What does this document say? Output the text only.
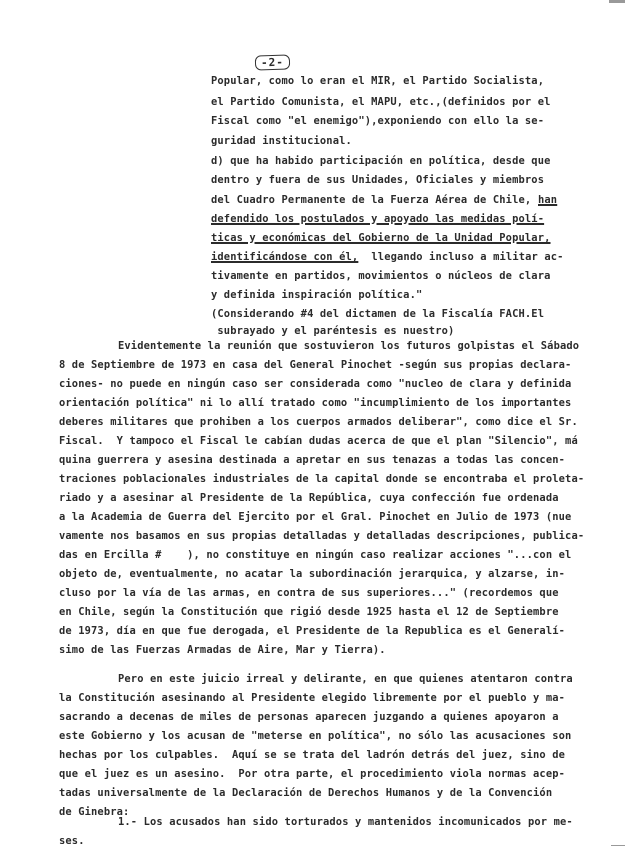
-2-
Popular, como lo eran el MIR, el Partido Socialista,
el Partido Comunista, el MAPU, etc.,(definidos por el
Fiscal como "el enemigo"),exponiendo con ello la se-
guridad institucional.
d) que ha habido participación en política, desde que
dentro y fuera de sus Unidades, Oficiales y miembros
del Cuadro Permanente de la Fuerza Aérea de Chile, han
defendido los postulados y apoyado las medidas polí-
ticas y económicas del Gobierno de la Unidad Popular,
identificándose con él, llegando incluso a militar ac-
tivamente en partidos, movimientos o núcleos de clara
y definida inspiración política."
(Considerando #4 del dictamen de la Fiscalía FACH.El
subrayado y el paréntesis es nuestro)
Evidentemente la reunión que sostuvieron los futuros golpistas el Sábado
8 de Septiembre de 1973 en casa del General Pinochet -según sus propias declara-
ciones- no puede en ningún caso ser considerada como "nucleo de clara y definida
orientación política" ni lo allí tratado como "incumplimiento de los importantes
deberes militares que prohiben a los cuerpos armados deliberar", como dice el Sr.
Fiscal.  Y tampoco el Fiscal le cabían dudas acerca de que el plan "Silencio", má
quina guerrera y asesina destinada a apretar en sus tenazas a todas las concen-
traciones poblacionales industriales de la capital donde se encontraba el proleta-
riado y a asesinar al Presidente de la República, cuya confección fue ordenada
a la Academia de Guerra del Ejercito por el Gral. Pinochet en Julio de 1973 (nue
vamente nos basamos en sus propias detalladas y detalladas descripciones, publica-
das en Ercilla #    ), no constituye en ningún caso realizar acciones "...con el
objeto de, eventualmente, no acatar la subordinación jerarquica, y alzarse, in-
cluso por la vía de las armas, en contra de sus superiores..." (recordemos que
en Chile, según la Constitución que rigió desde 1925 hasta el 12 de Septiembre
de 1973, día en que fue derogada, el Presidente de la Republica es el Generalí-
simo de las Fuerzas Armadas de Aire, Mar y Tierra).
Pero en este juicio irreal y delirante, en que quienes atentaron contra
la Constitución asesinando al Presidente elegido libremente por el pueblo y ma-
sacrando a decenas de miles de personas aparecen juzgando a quienes apoyaron a
este Gobierno y los acusan de "meterse en política", no sólo las acusaciones son
hechas por los culpables.  Aquí se se trata del ladrón detrás del juez, sino de
que el juez es un asesino.  Por otra parte, el procedimiento viola normas acep-
tadas universalmente de la Declaración de Derechos Humanos y de la Convención
de Ginebra:
1.- Los acusados han sido torturados y mantenidos incomunicados por me-
ses.
